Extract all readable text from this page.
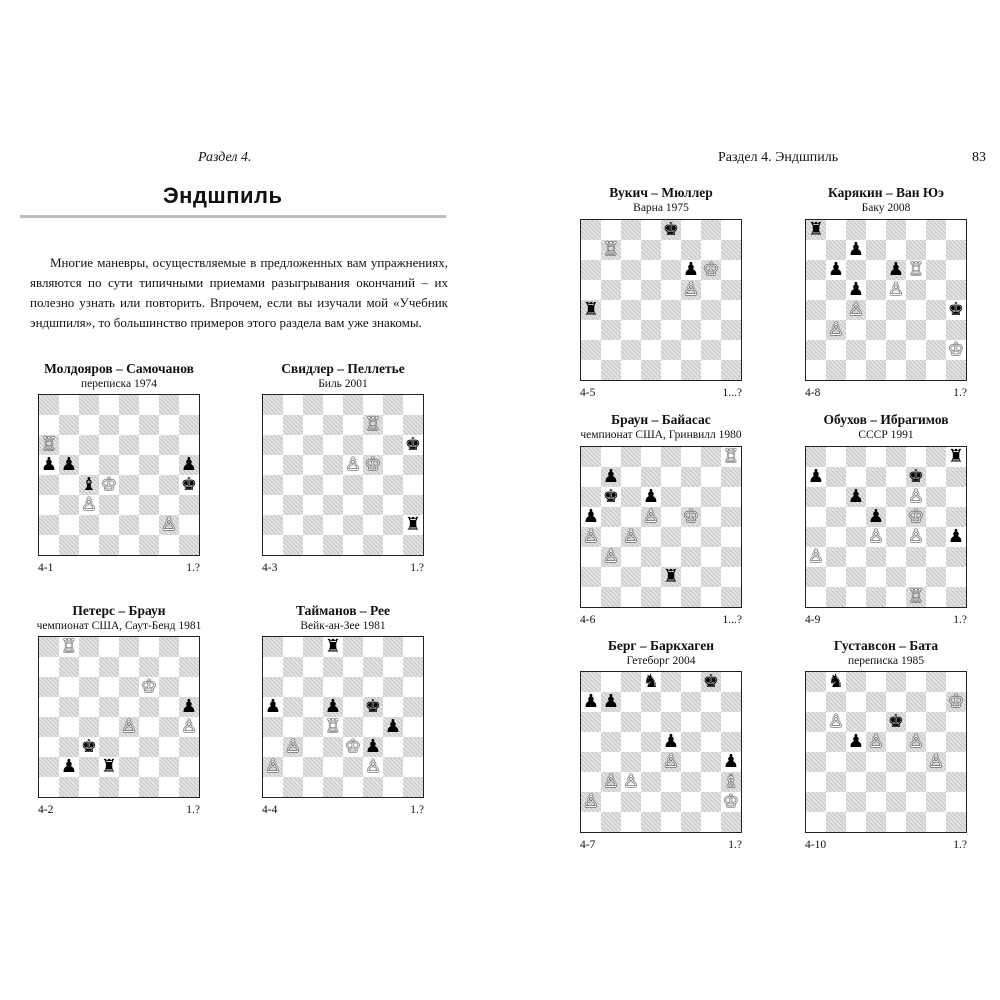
Раздел 4.
Эндшпиль
Многие маневры, осуществляемые в предложенных вам упражнениях, являются по сути типичными приемами разыгрывания окончаний – их полезно узнать или повторить. Впрочем, если вы изучали мой «Учебник эндшпиля», то большинство примеров этого раздела вам уже знакомы.
Раздел 4. Эндшпиль	83
Молдояров – Самочанов
переписка 1974
♖
♟ ♟	♟
♝ ♔	♚
♙
♙
4-1	1.?
Свидлер – Пеллетье
Биль 2001
♖
♚
♙ ♔
♜
4-3	1.?
Петерс – Браун
чемпионат США, Саут-Бенд 1981
♖
♔
♟
♙ ♙
♚
♟ ♜
4-2	1.?
Тайманов – Рее
Вейк-ан-Зее 1981
♜
♟ ♟ ♚
♖ ♟
♙ ♔ ♟
♙	♙
4-4	1.?
Вукич – Мюллер
Варна 1975
♚
♖
♟ ♔
♙
♜
4-5	1...?
Карякин – Ван Юэ
Баку 2008
♜
♟
♟ ♟ ♖
♟ ♙
♙	♚
♙
♔
4-8	1.?
Браун – Байасас
чемпионат США, Гринвилл 1980
♖
♟
♚ ♟
♟ ♙ ♔
♙ ♙
♙
♜
4-6	1...?
Обухов – Ибрагимов
СССР 1991
♜
♟	♚
♟ ♙
♟ ♔
♙ ♙ ♟
♙
♖
4-9	1.?
Берг – Баркхаген
Гетеборг 2004
♞ ♚
♟ ♟
♟
♙ ♟
♙ ♙	♗
♙	♔
4-7	1.?
Густавсон – Бата
переписка 1985
♞
♔
♙ ♚
♟ ♙ ♙
♙
4-10	1.?
